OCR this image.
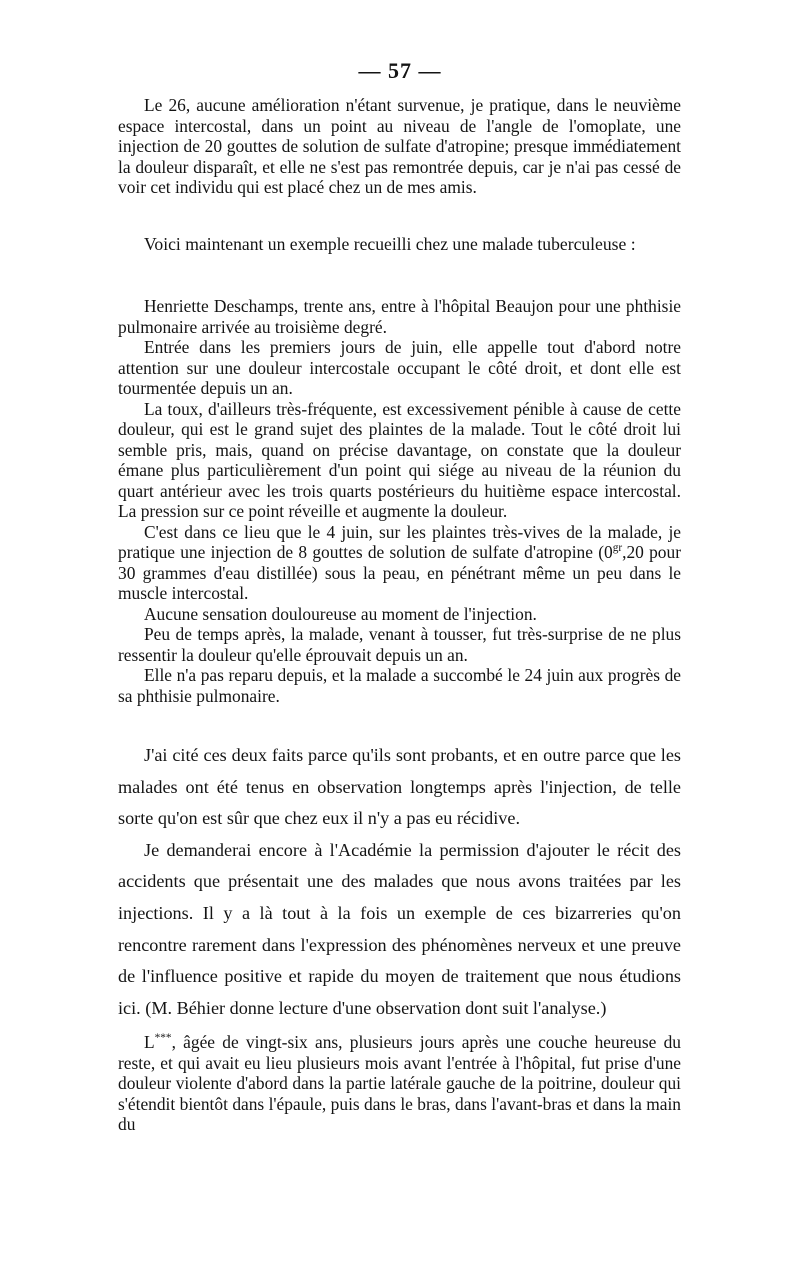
— 57 —

Le 26, aucune amélioration n'étant survenue, je pratique, dans le neuvième espace intercostal, dans un point au niveau de l'angle de l'omoplate, une injection de 20 gouttes de solution de sulfate d'atropine; presque immédiatement la douleur disparaît, et elle ne s'est pas remontrée depuis, car je n'ai pas cessé de voir cet individu qui est placé chez un de mes amis.

Voici maintenant un exemple recueilli chez une malade tuberculeuse :

Henriette Deschamps, trente ans, entre à l'hôpital Beaujon pour une phthisie pulmonaire arrivée au troisième degré.

Entrée dans les premiers jours de juin, elle appelle tout d'abord notre attention sur une douleur intercostale occupant le côté droit, et dont elle est tourmentée depuis un an.

La toux, d'ailleurs très-fréquente, est excessivement pénible à cause de cette douleur, qui est le grand sujet des plaintes de la malade. Tout le côté droit lui semble pris, mais, quand on précise davantage, on constate que la douleur émane plus particulièrement d'un point qui siége au niveau de la réunion du quart antérieur avec les trois quarts postérieurs du huitième espace intercostal. La pression sur ce point réveille et augmente la douleur.

C'est dans ce lieu que le 4 juin, sur les plaintes très-vives de la malade, je pratique une injection de 8 gouttes de solution de sulfate d'atropine ($0^{gr},20$ pour 30 grammes d'eau distillée) sous la peau, en pénétrant même un peu dans le muscle intercostal.

Aucune sensation douloureuse au moment de l'injection.

Peu de temps après, la malade, venant à tousser, fut très-surprise de ne plus ressentir la douleur qu'elle éprouvait depuis un an.

Elle n'a pas reparu depuis, et la malade a succombé le 24 juin aux progrès de sa phthisie pulmonaire.

J'ai cité ces deux faits parce qu'ils sont probants, et en outre parce que les malades ont été tenus en observation longtemps après l'injection, de telle sorte qu'on est sûr que chez eux il n'y a pas eu récidive.

Je demanderai encore à l'Académie la permission d'ajouter le récit des accidents que présentait une des malades que nous avons traitées par les injections. Il y a là tout à la fois un exemple de ces bizarreries qu'on rencontre rarement dans l'expression des phénomènes nerveux et une preuve de l'influence positive et rapide du moyen de traitement que nous étudions ici. (M. Béhier donne lecture d'une observation dont suit l'analyse.)

L***, âgée de vingt-six ans, plusieurs jours après une couche heureuse du reste, et qui avait eu lieu plusieurs mois avant l'entrée à l'hôpital, fut prise d'une douleur violente d'abord dans la partie latérale gauche de la poitrine, douleur qui s'étendit bientôt dans l'épaule, puis dans le bras, dans l'avant-bras et dans la main du
